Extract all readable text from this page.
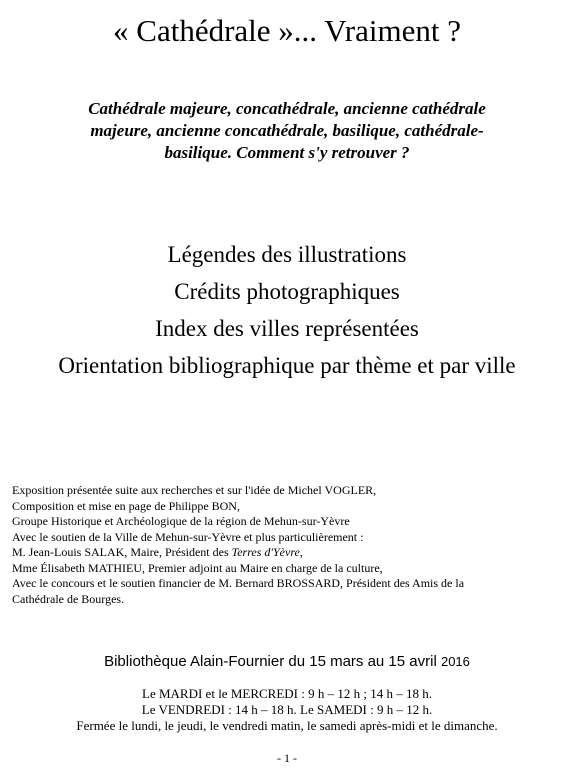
« Cathédrale »... Vraiment ?
Cathédrale majeure, concathédrale, ancienne cathédrale
majeure, ancienne concathédrale, basilique, cathédrale-
basilique. Comment s'y retrouver ?
Légendes des illustrations
Crédits photographiques
Index des villes représentées
Orientation bibliographique par thème et par ville
Exposition présentée suite aux recherches et sur l'idée de Michel VOGLER,
Composition et mise en page de Philippe BON,
Groupe Historique et Archéologique de la région de Mehun-sur-Yèvre
Avec le soutien de la Ville de Mehun-sur-Yèvre et plus particulièrement :
M. Jean-Louis SALAK, Maire, Président des Terres d'Yèvre,
Mme Élisabeth MATHIEU, Premier adjoint au Maire en charge de la culture,
Avec le concours et le soutien financier de M. Bernard BROSSARD, Président des Amis de la
Cathédrale de Bourges.
Bibliothèque Alain-Fournier du 15 mars au 15 avril 2016
Le MARDI et le MERCREDI : 9 h – 12 h ; 14 h – 18 h.
Le VENDREDI : 14 h – 18 h. Le SAMEDI : 9 h – 12 h.
Fermée le lundi, le jeudi, le vendredi matin, le samedi après-midi et le dimanche.
- 1 -
